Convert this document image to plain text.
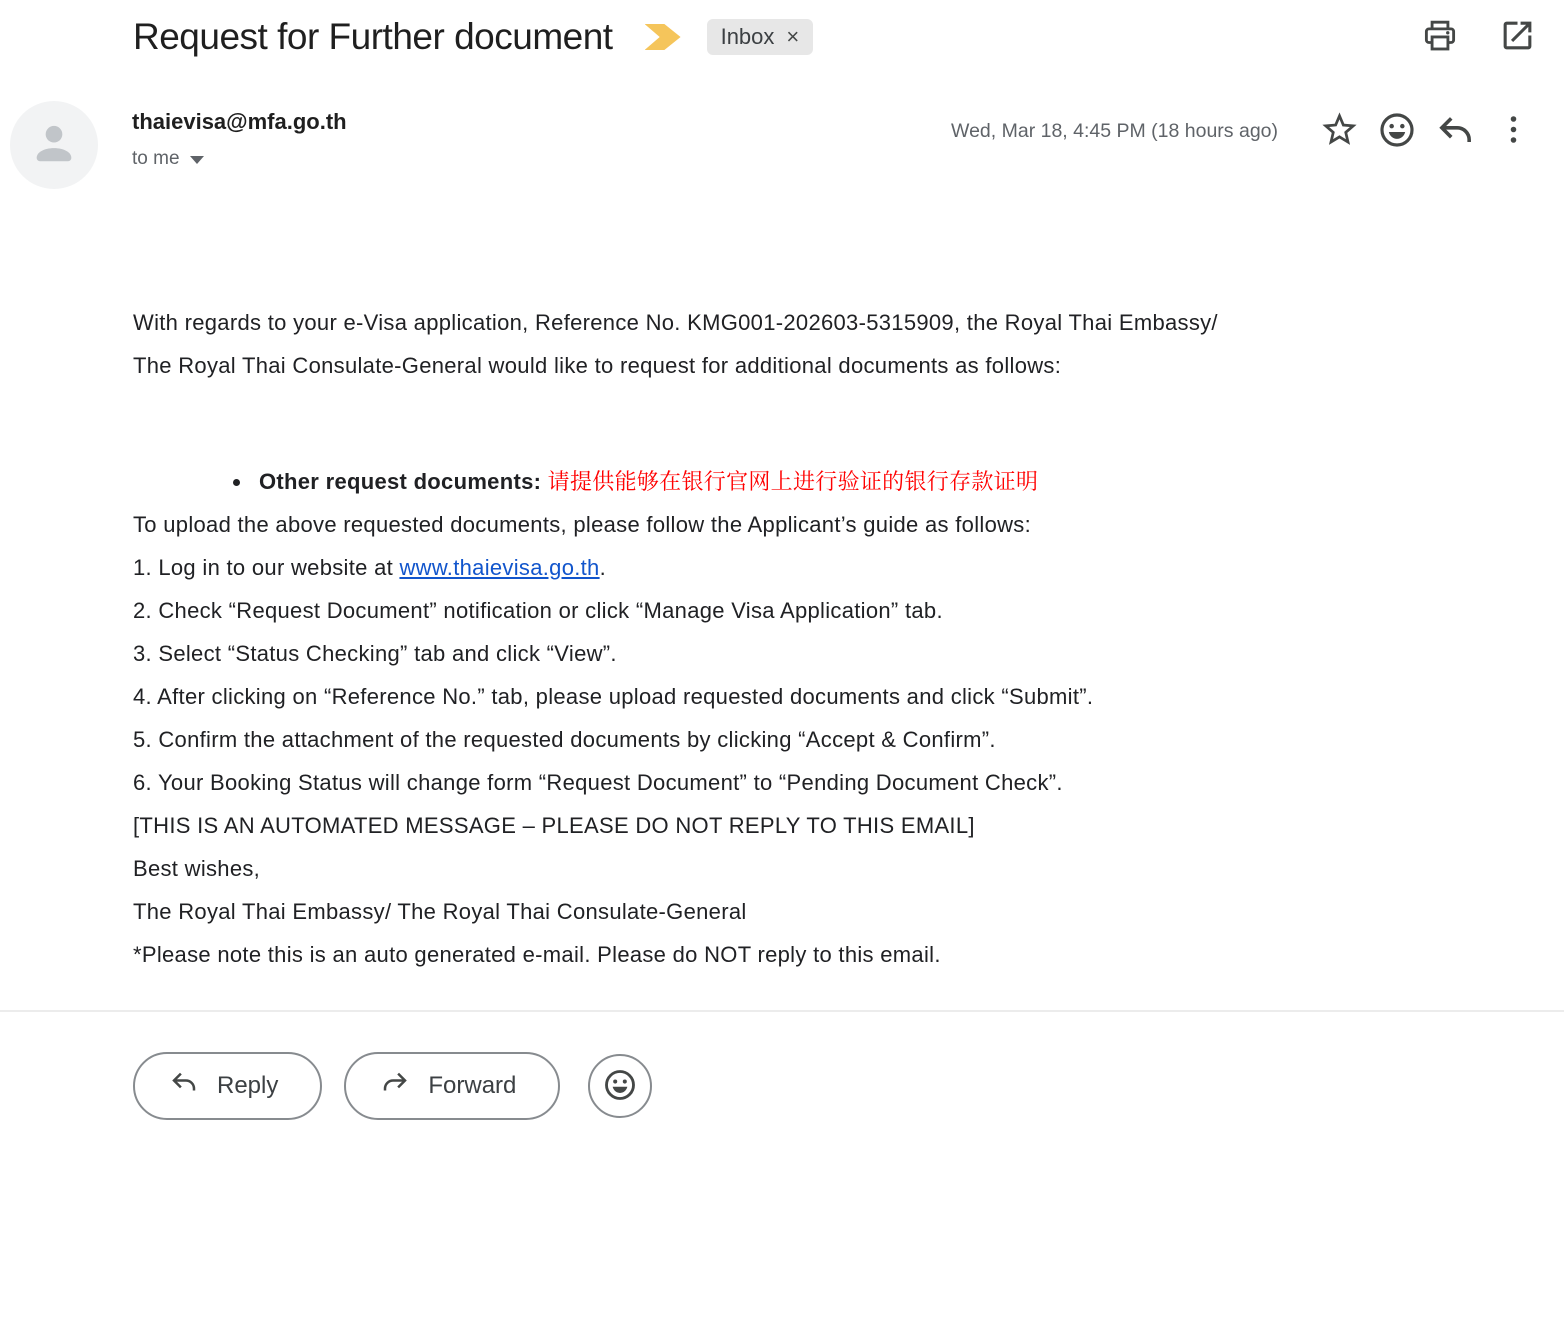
Request for Further document	Inbox ×
thaievisa@mfa.go.th
to me
Wed, Mar 18, 4:45 PM (18 hours ago)

With regards to your e-Visa application, Reference No. KMG001-202603-5315909, the Royal Thai Embassy/

The Royal Thai Consulate-General would like to request for additional documents as follows:

• Other request documents: 请提供能够在银行官网上进行验证的银行存款证明

To upload the above requested documents, please follow the Applicant’s guide as follows:

1. Log in to our website at www.thaievisa.go.th.

2. Check “Request Document” notification or click “Manage Visa Application” tab.

3. Select “Status Checking” tab and click “View”.

4. After clicking on “Reference No.” tab, please upload requested documents and click “Submit”.

5. Confirm the attachment of the requested documents by clicking “Accept & Confirm”.

6. Your Booking Status will change form “Request Document” to “Pending Document Check”.

[THIS IS AN AUTOMATED MESSAGE – PLEASE DO NOT REPLY TO THIS EMAIL]

Best wishes,

The Royal Thai Embassy/ The Royal Thai Consulate-General

*Please note this is an auto generated e-mail. Please do NOT reply to this email.

Reply	Forward
